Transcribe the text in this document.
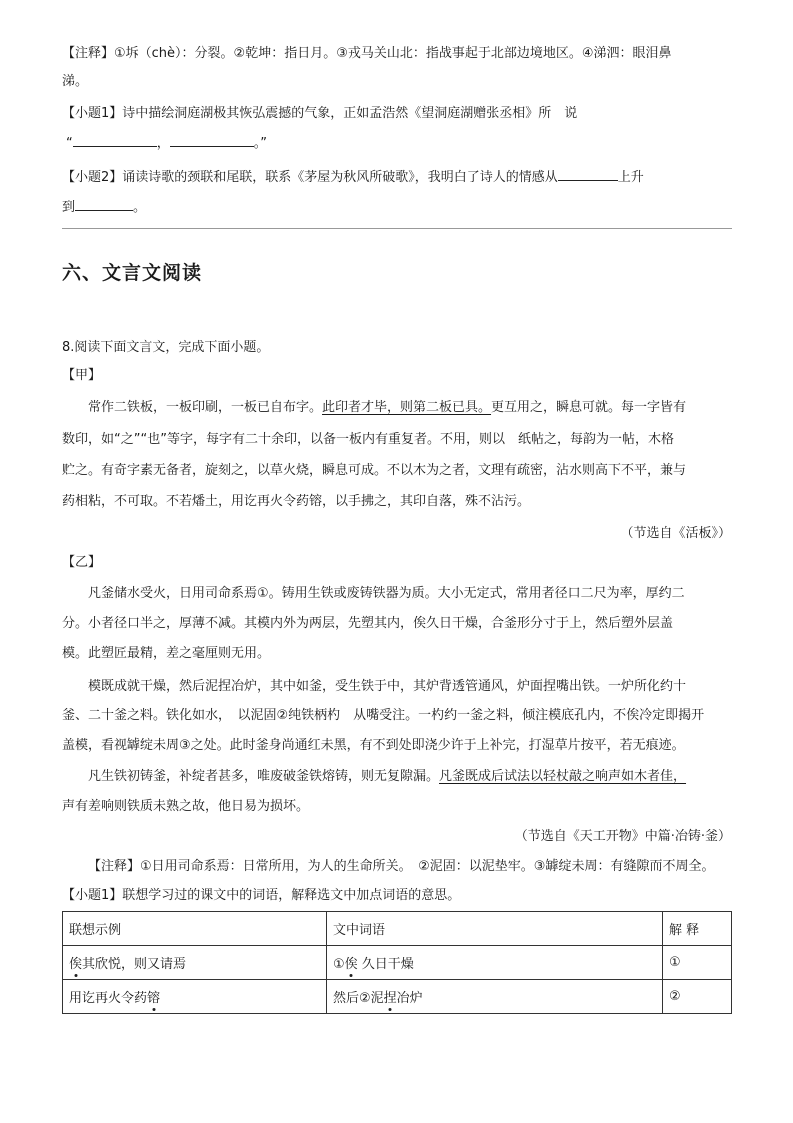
【注释】①坼（chè）：分裂。②乾坤：指日月。③戎马关山北：指战事起于北部边境地区。④涕泗：眼泪鼻
涕。
【小题1】诗中描绘洞庭湖极其恢弘震撼的气象，正如孟浩然《望洞庭湖赠张丞相》所　说
“	，	。”
【小题2】诵读诗歌的颈联和尾联，联系《茅屋为秋风所破歌》，我明白了诗人的情感从	上升
到	。
六、文言文阅读
8.阅读下面文言文，完成下面小题。
【甲】
常作二铁板，一板印刷，一板已自布字。此印者才毕，则第二板已具。更互用之，瞬息可就。每一字皆有
数印，如“之”“也”等字，每字有二十余印，以备一板内有重复者。不用，则以　纸帖之，每韵为一帖，木格
贮之。有奇字素无备者，旋刻之，以草火烧，瞬息可成。不以木为之者，文理有疏密，沾水则高下不平，兼与
药相粘，不可取。不若燔土，用讫再火令药镕，以手拂之，其印自落，殊不沾污。
（节选自《活板》）
【乙】
凡釜储水受火，日用司命系焉①。铸用生铁或废铸铁器为质。大小无定式，常用者径口二尺为率，厚约二
分。小者径口半之，厚薄不减。其模内外为两层，先塑其内，俟久日干燥，合釜形分寸于上，然后塑外层盖
模。此塑匠最精，差之毫厘则无用。
模既成就干燥，然后泥捏冶炉，其中如釜，受生铁于中，其炉背透管通风，炉面捏嘴出铁。一炉所化约十
釜、二十釜之料。铁化如水，　以泥固②纯铁柄杓　从嘴受注。一杓约一釜之料，倾注模底孔内，不俟冷定即揭开
盖模，看视罅绽未周③之处。此时釜身尚通红未黑，有不到处即浇少许于上补完，打湿草片按平，若无痕迹。
凡生铁初铸釜，补绽者甚多，唯废破釜铁熔铸，则无复隙漏。凡釜既成后试法以轻杖敲之响声如木者佳，
声有差响则铁质未熟之故，他日易为损坏。
（节选自《天工开物》中篇·冶铸·釜）
【注释】①日用司命系焉：日常所用，为人的生命所关。　②泥固：以泥垫牢。③罅绽未周：有缝隙而不周全。
【小题1】联想学习过的课文中的词语，解释选文中加点词语的意思。
联想示例	文中词语	解 释
俟其欣悦，则又请焉	①俟 久日干燥	①
用讫再火令药镕	然后②泥捏冶炉	②
